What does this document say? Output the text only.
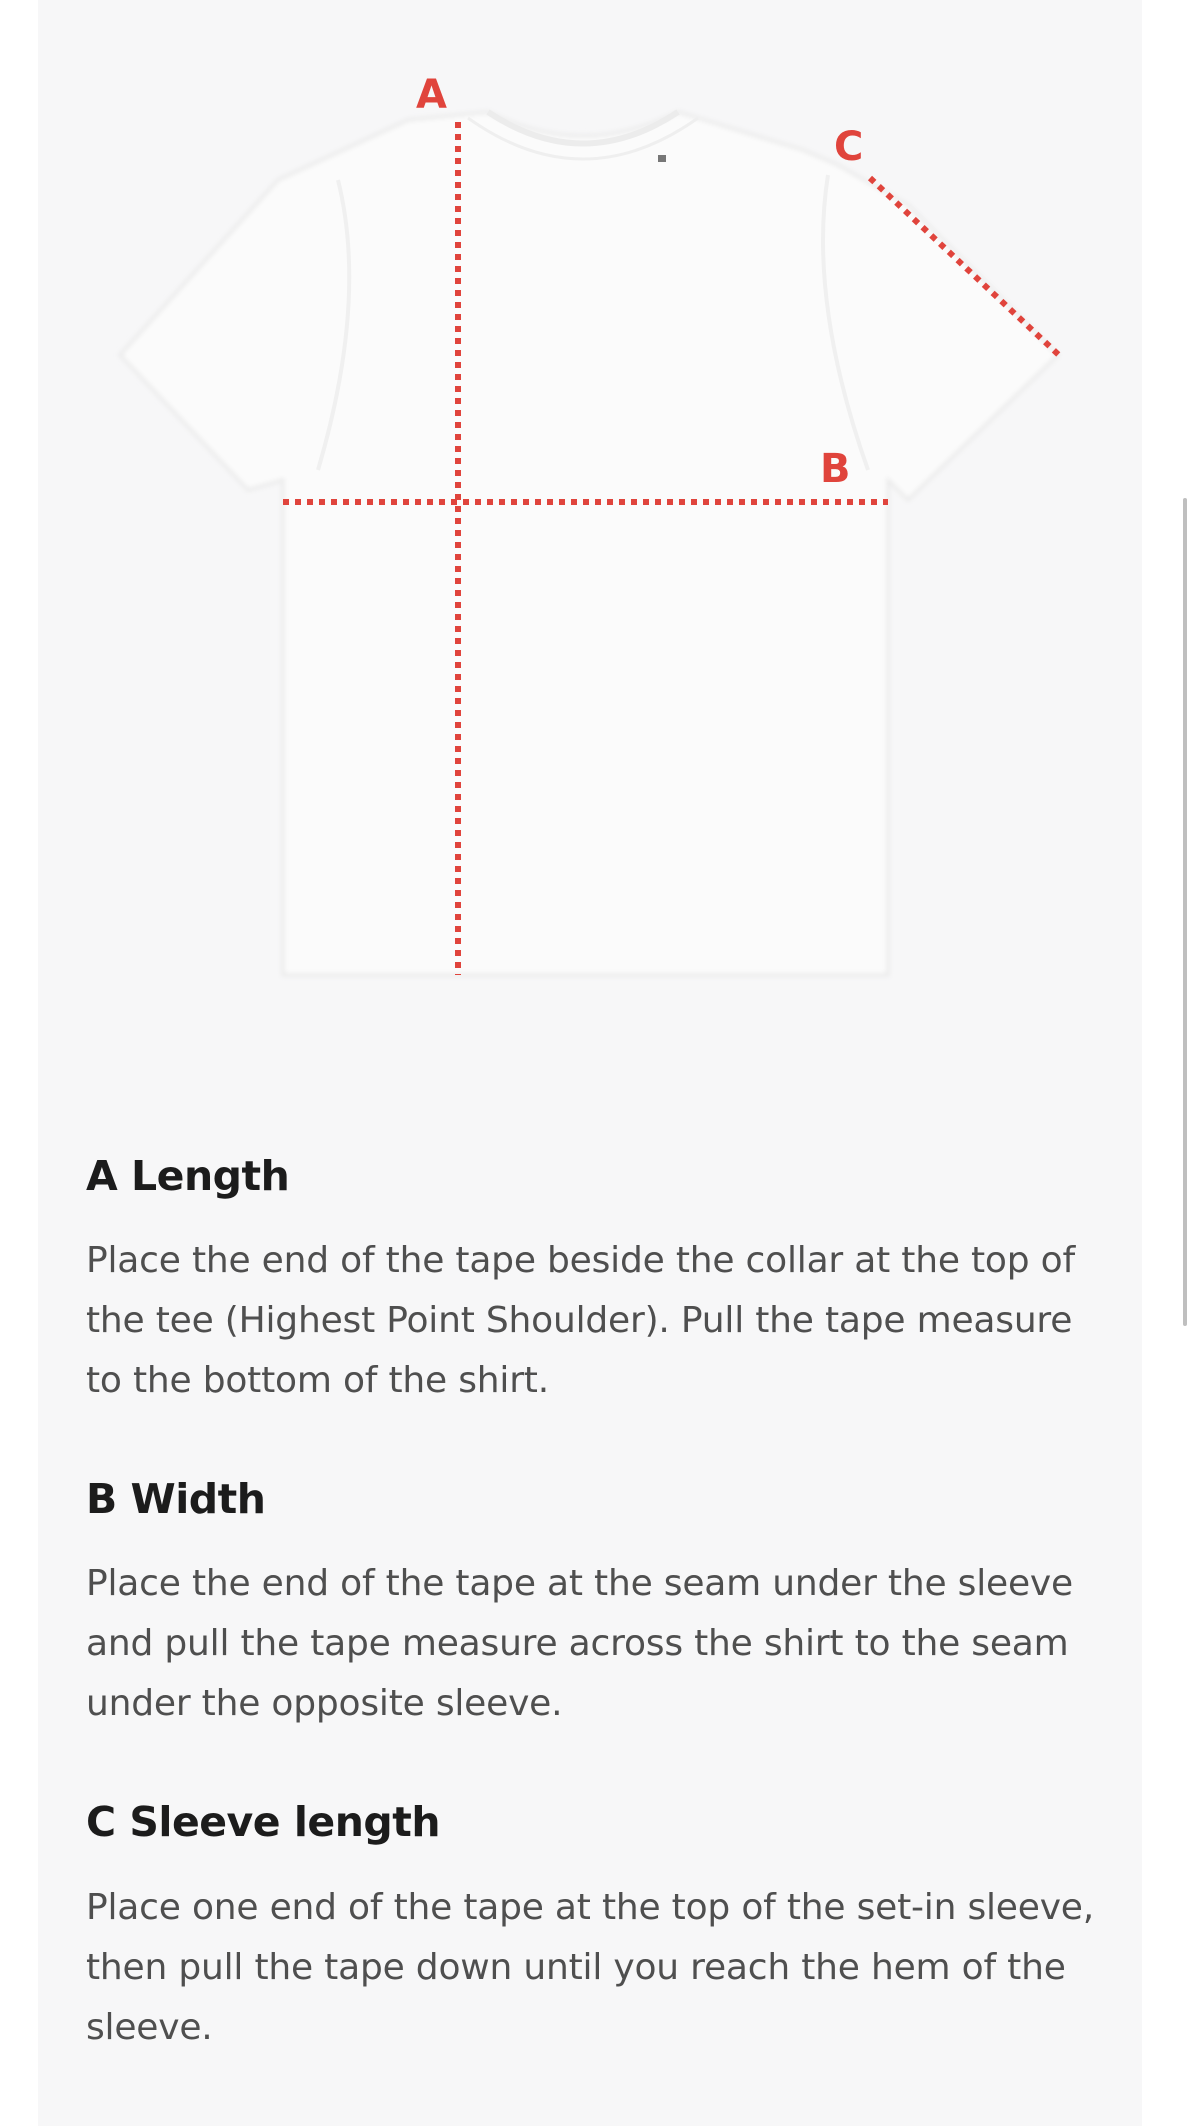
A
B
C
A Length

Place the end of the tape beside the collar at the top of the tee (Highest Point Shoulder). Pull the tape measure to the bottom of the shirt.

B Width

Place the end of the tape at the seam under the sleeve and pull the tape measure across the shirt to the seam under the opposite sleeve.

C Sleeve length

Place one end of the tape at the top of the set-in sleeve, then pull the tape down until you reach the hem of the sleeve.
